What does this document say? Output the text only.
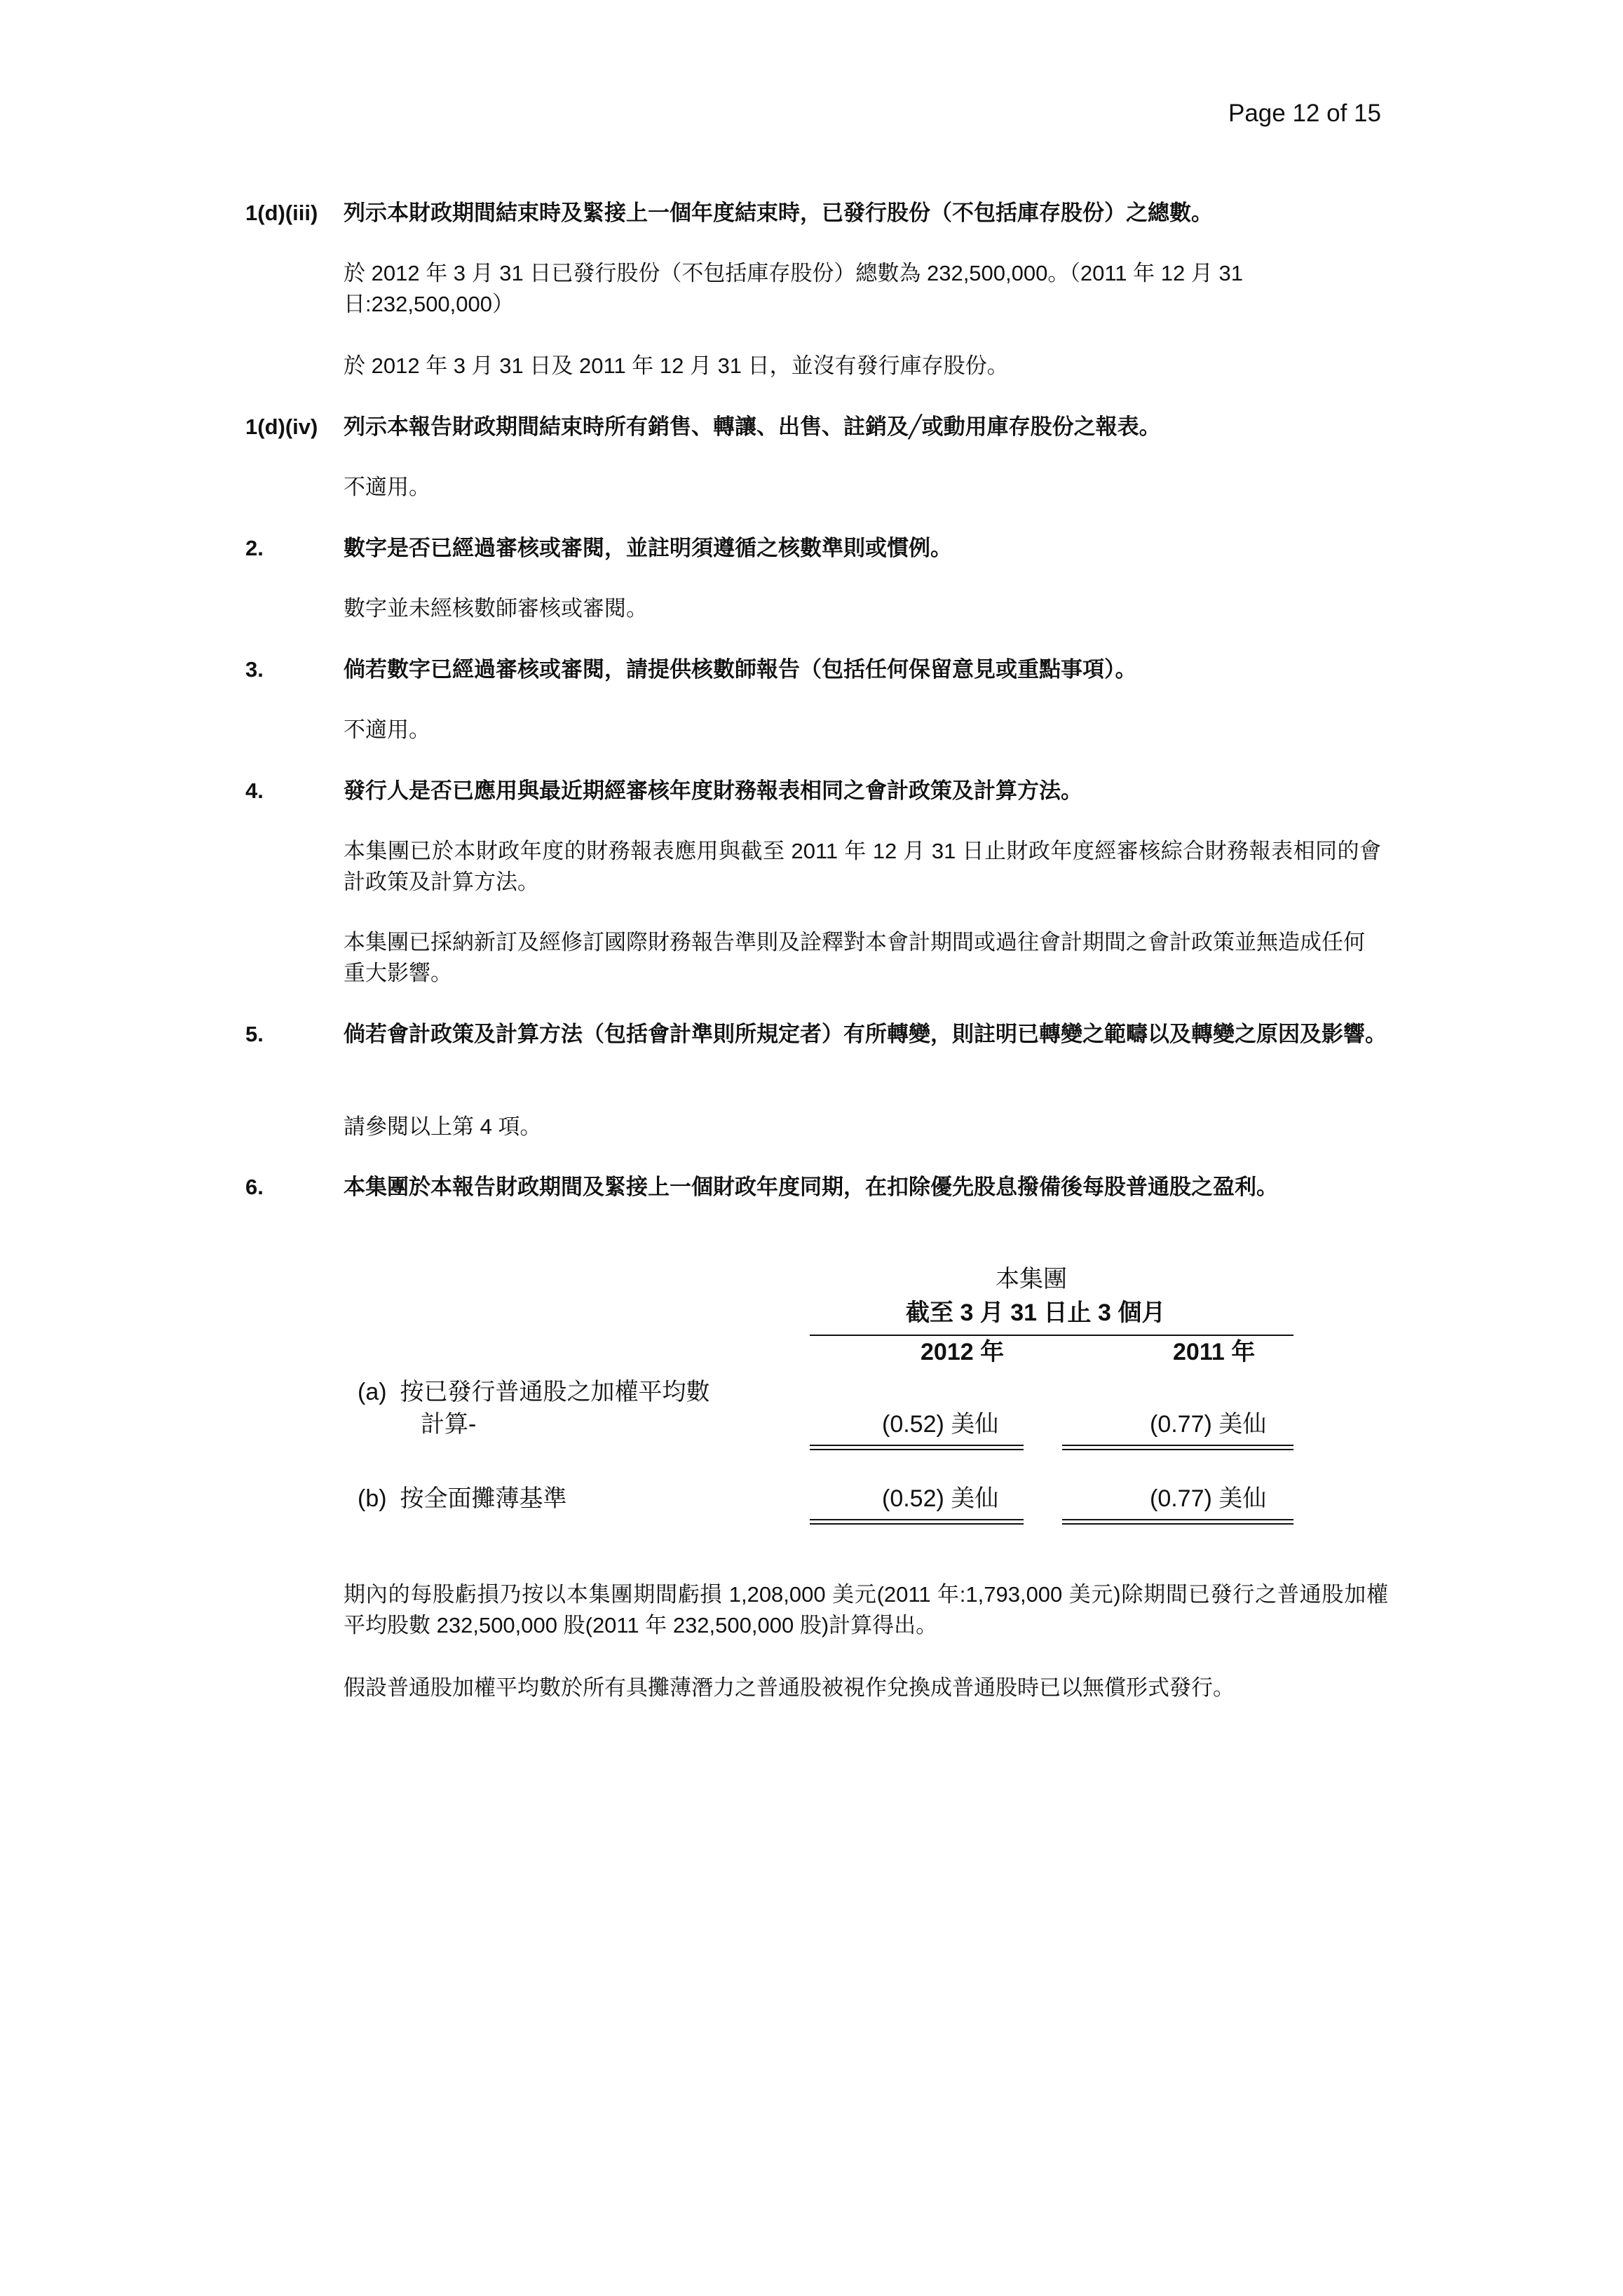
Page 12 of 15
1(d)(iii) 列示本財政期間結束時及緊接上一個年度結束時，已發行股份（不包括庫存股份）之總數。
於 2012 年 3 月 31 日已發行股份（不包括庫存股份）總數為 232,500,000。（2011 年 12 月 31 日:232,500,000）
於 2012 年 3 月 31 日及 2011 年 12 月 31 日，並沒有發行庫存股份。
1(d)(iv) 列示本報告財政期間結束時所有銷售、轉讓、出售、註銷及╱或動用庫存股份之報表。
不適用。
2.	數字是否已經過審核或審閱，並註明須遵循之核數準則或慣例。
數字並未經核數師審核或審閱。
3.	倘若數字已經過審核或審閱，請提供核數師報告（包括任何保留意見或重點事項）。
不適用。
4.	發行人是否已應用與最近期經審核年度財務報表相同之會計政策及計算方法。
本集團已於本財政年度的財務報表應用與截至 2011 年 12 月 31 日止財政年度經審核綜合財務報表相同的會計政策及計算方法。
本集團已採納新訂及經修訂國際財務報告準則及詮釋對本會計期間或過往會計期間之會計政策並無造成任何重大影響。
5.	倘若會計政策及計算方法（包括會計準則所規定者）有所轉變，則註明已轉變之範疇以及轉變之原因及影響。
請參閱以上第 4 項。
6.	本集團於本報告財政期間及緊接上一個財政年度同期，在扣除優先股息撥備後每股普通股之盈利。
本集團
截至 3 月 31 日止 3 個月
2012 年	2011 年
(a)  按已發行普通股之加權平均數
計算-	(0.52) 美仙	(0.77) 美仙
(b)  按全面攤薄基準	(0.52) 美仙	(0.77) 美仙
期內的每股虧損乃按以本集團期間虧損 1,208,000 美元(2011 年:1,793,000 美元)除期間已發行之普通股加權平均股數 232,500,000 股(2011 年 232,500,000 股)計算得出。
假設普通股加權平均數於所有具攤薄潛力之普通股被視作兌換成普通股時已以無償形式發行。
